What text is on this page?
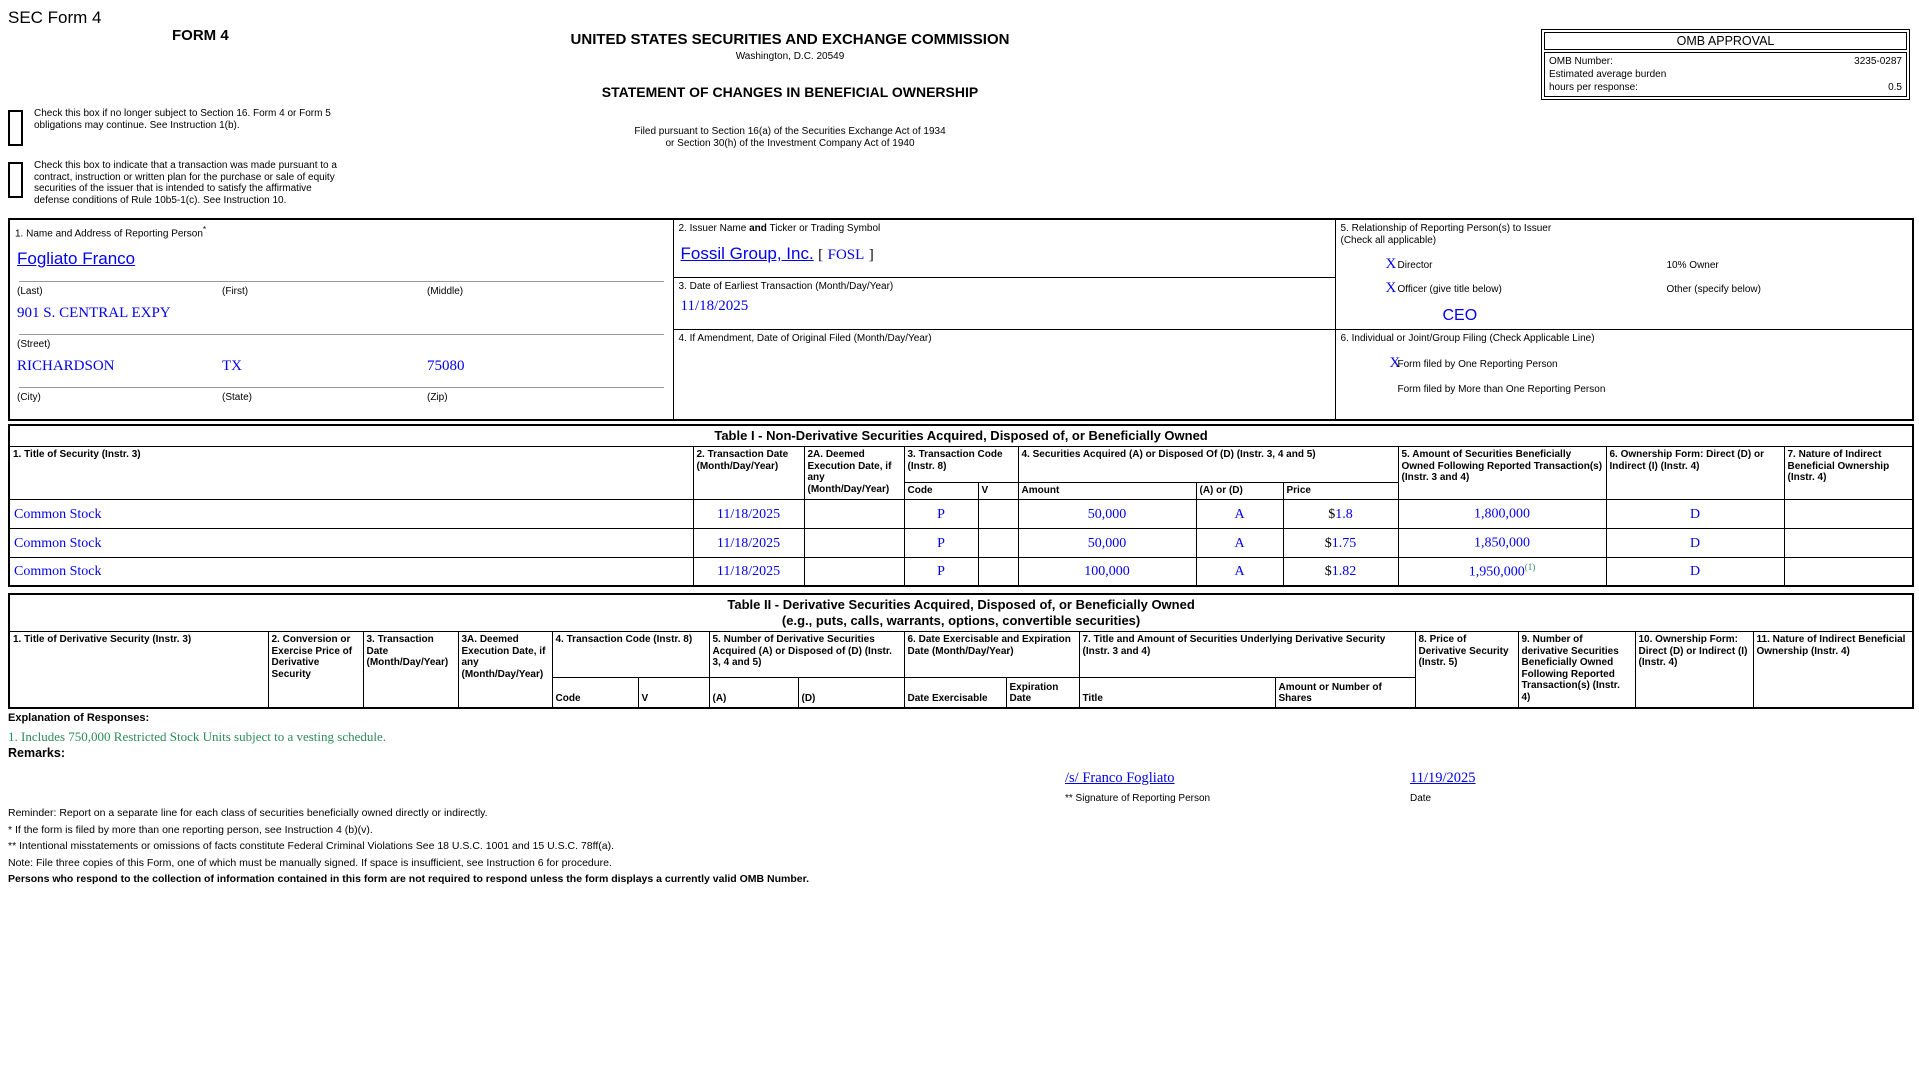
SEC Form 4
FORM 4	UNITED STATES SECURITIES AND EXCHANGE COMMISSION
Washington, D.C. 20549
STATEMENT OF CHANGES IN BENEFICIAL OWNERSHIP
Filed pursuant to Section 16(a) of the Securities Exchange Act of 1934
or Section 30(h) of the Investment Company Act of 1940
OMB APPROVAL
OMB Number:	3235-0287
Estimated average burden
hours per response:	0.5
Check this box if no longer subject to Section 16. Form 4 or Form 5 obligations may continue. See Instruction 1(b).
Check this box to indicate that a transaction was made pursuant to a contract, instruction or written plan for the purchase or sale of equity securities of the issuer that is intended to satisfy the affirmative defense conditions of Rule 10b5-1(c). See Instruction 10.
1. Name and Address of Reporting Person*
Fogliato Franco
(Last)	(First)	(Middle)
901 S. CENTRAL EXPY
(Street)
RICHARDSON	TX	75080
(City)	(State)	(Zip)

2. Issuer Name and Ticker or Trading Symbol
Fossil Group, Inc. [ FOSL ]

5. Relationship of Reporting Person(s) to Issuer
(Check all applicable)
X Director	10% Owner
X Officer (give title below)	Other (specify below)
CEO

	3. Date of Earliest Transaction (Month/Day/Year)
11/18/2025	

	4. If Amendment, Date of Original Filed (Month/Day/Year)	6. Individual or Joint/Group Filing (Check Applicable Line)
X
Form filed by One Reporting Person
Form filed by More than One Reporting Person
Table I - Non-Derivative Securities Acquired, Disposed of, or Beneficially Owned										
1. Title of Security (Instr. 3)	2. Transaction Date (Month/Day/Year)	2A. Deemed Execution Date, if any (Month/Day/Year)	3. Transaction Code (Instr. 8)		4. Securities Acquired (A) or Disposed Of (D) (Instr. 3, 4 and 5)			5. Amount of Securities Beneficially Owned Following Reported Transaction(s) (Instr. 3 and 4)	6. Ownership Form: Direct (D) or Indirect (I) (Instr. 4)	7. Nature of Indirect Beneficial Ownership (Instr. 4)
			Code	V	Amount	(A) or (D)	Price			
Common Stock	11/18/2025		P		50,000	A	$1.8	1,800,000	D	
Common Stock	11/18/2025		P		50,000	A	$1.75	1,850,000	D	
Common Stock	11/18/2025		P		100,000	A	$1.82	1,950,000$^{(1)}$	D	
Table II - Derivative Securities Acquired, Disposed of, or Beneficially Owned
(e.g., puts, calls, warrants, options, convertible securities)															

1. Title of Derivative Security (Instr. 3)	2. Conversion or Exercise Price of Derivative Security	3. Transaction Date (Month/Day/Year)	3A. Deemed Execution Date, if any (Month/Day/Year)	4. Transaction Code (Instr. 8)		5. Number of Derivative Securities Acquired (A) or Disposed of (D) (Instr. 3, 4 and 5)		6. Date Exercisable and Expiration Date (Month/Day/Year)		7. Title and Amount of Securities Underlying Derivative Security (Instr. 3 and 4)		8. Price of Derivative Security (Instr. 5)	9. Number of derivative Securities Beneficially Owned Following Reported Transaction(s) (Instr. 4)	10. Ownership Form: Direct (D) or Indirect (I) (Instr. 4)	11. Nature of Indirect Beneficial Ownership (Instr. 4)
				Code	V	(A)	(D)	Date Exercisable	Expiration Date	Title	Amount or Number of Shares				
Explanation of Responses:
1. Includes 750,000 Restricted Stock Units subject to a vesting schedule.
Remarks:
/s/ Franco Fogliato	11/19/2025
** Signature of Reporting Person	Date
Reminder: Report on a separate line for each class of securities beneficially owned directly or indirectly.
* If the form is filed by more than one reporting person, see Instruction 4 (b)(v).
** Intentional misstatements or omissions of facts constitute Federal Criminal Violations See 18 U.S.C. 1001 and 15 U.S.C. 78ff(a).
Note: File three copies of this Form, one of which must be manually signed. If space is insufficient, see Instruction 6 for procedure.
Persons who respond to the collection of information contained in this form are not required to respond unless the form displays a currently valid OMB Number.
